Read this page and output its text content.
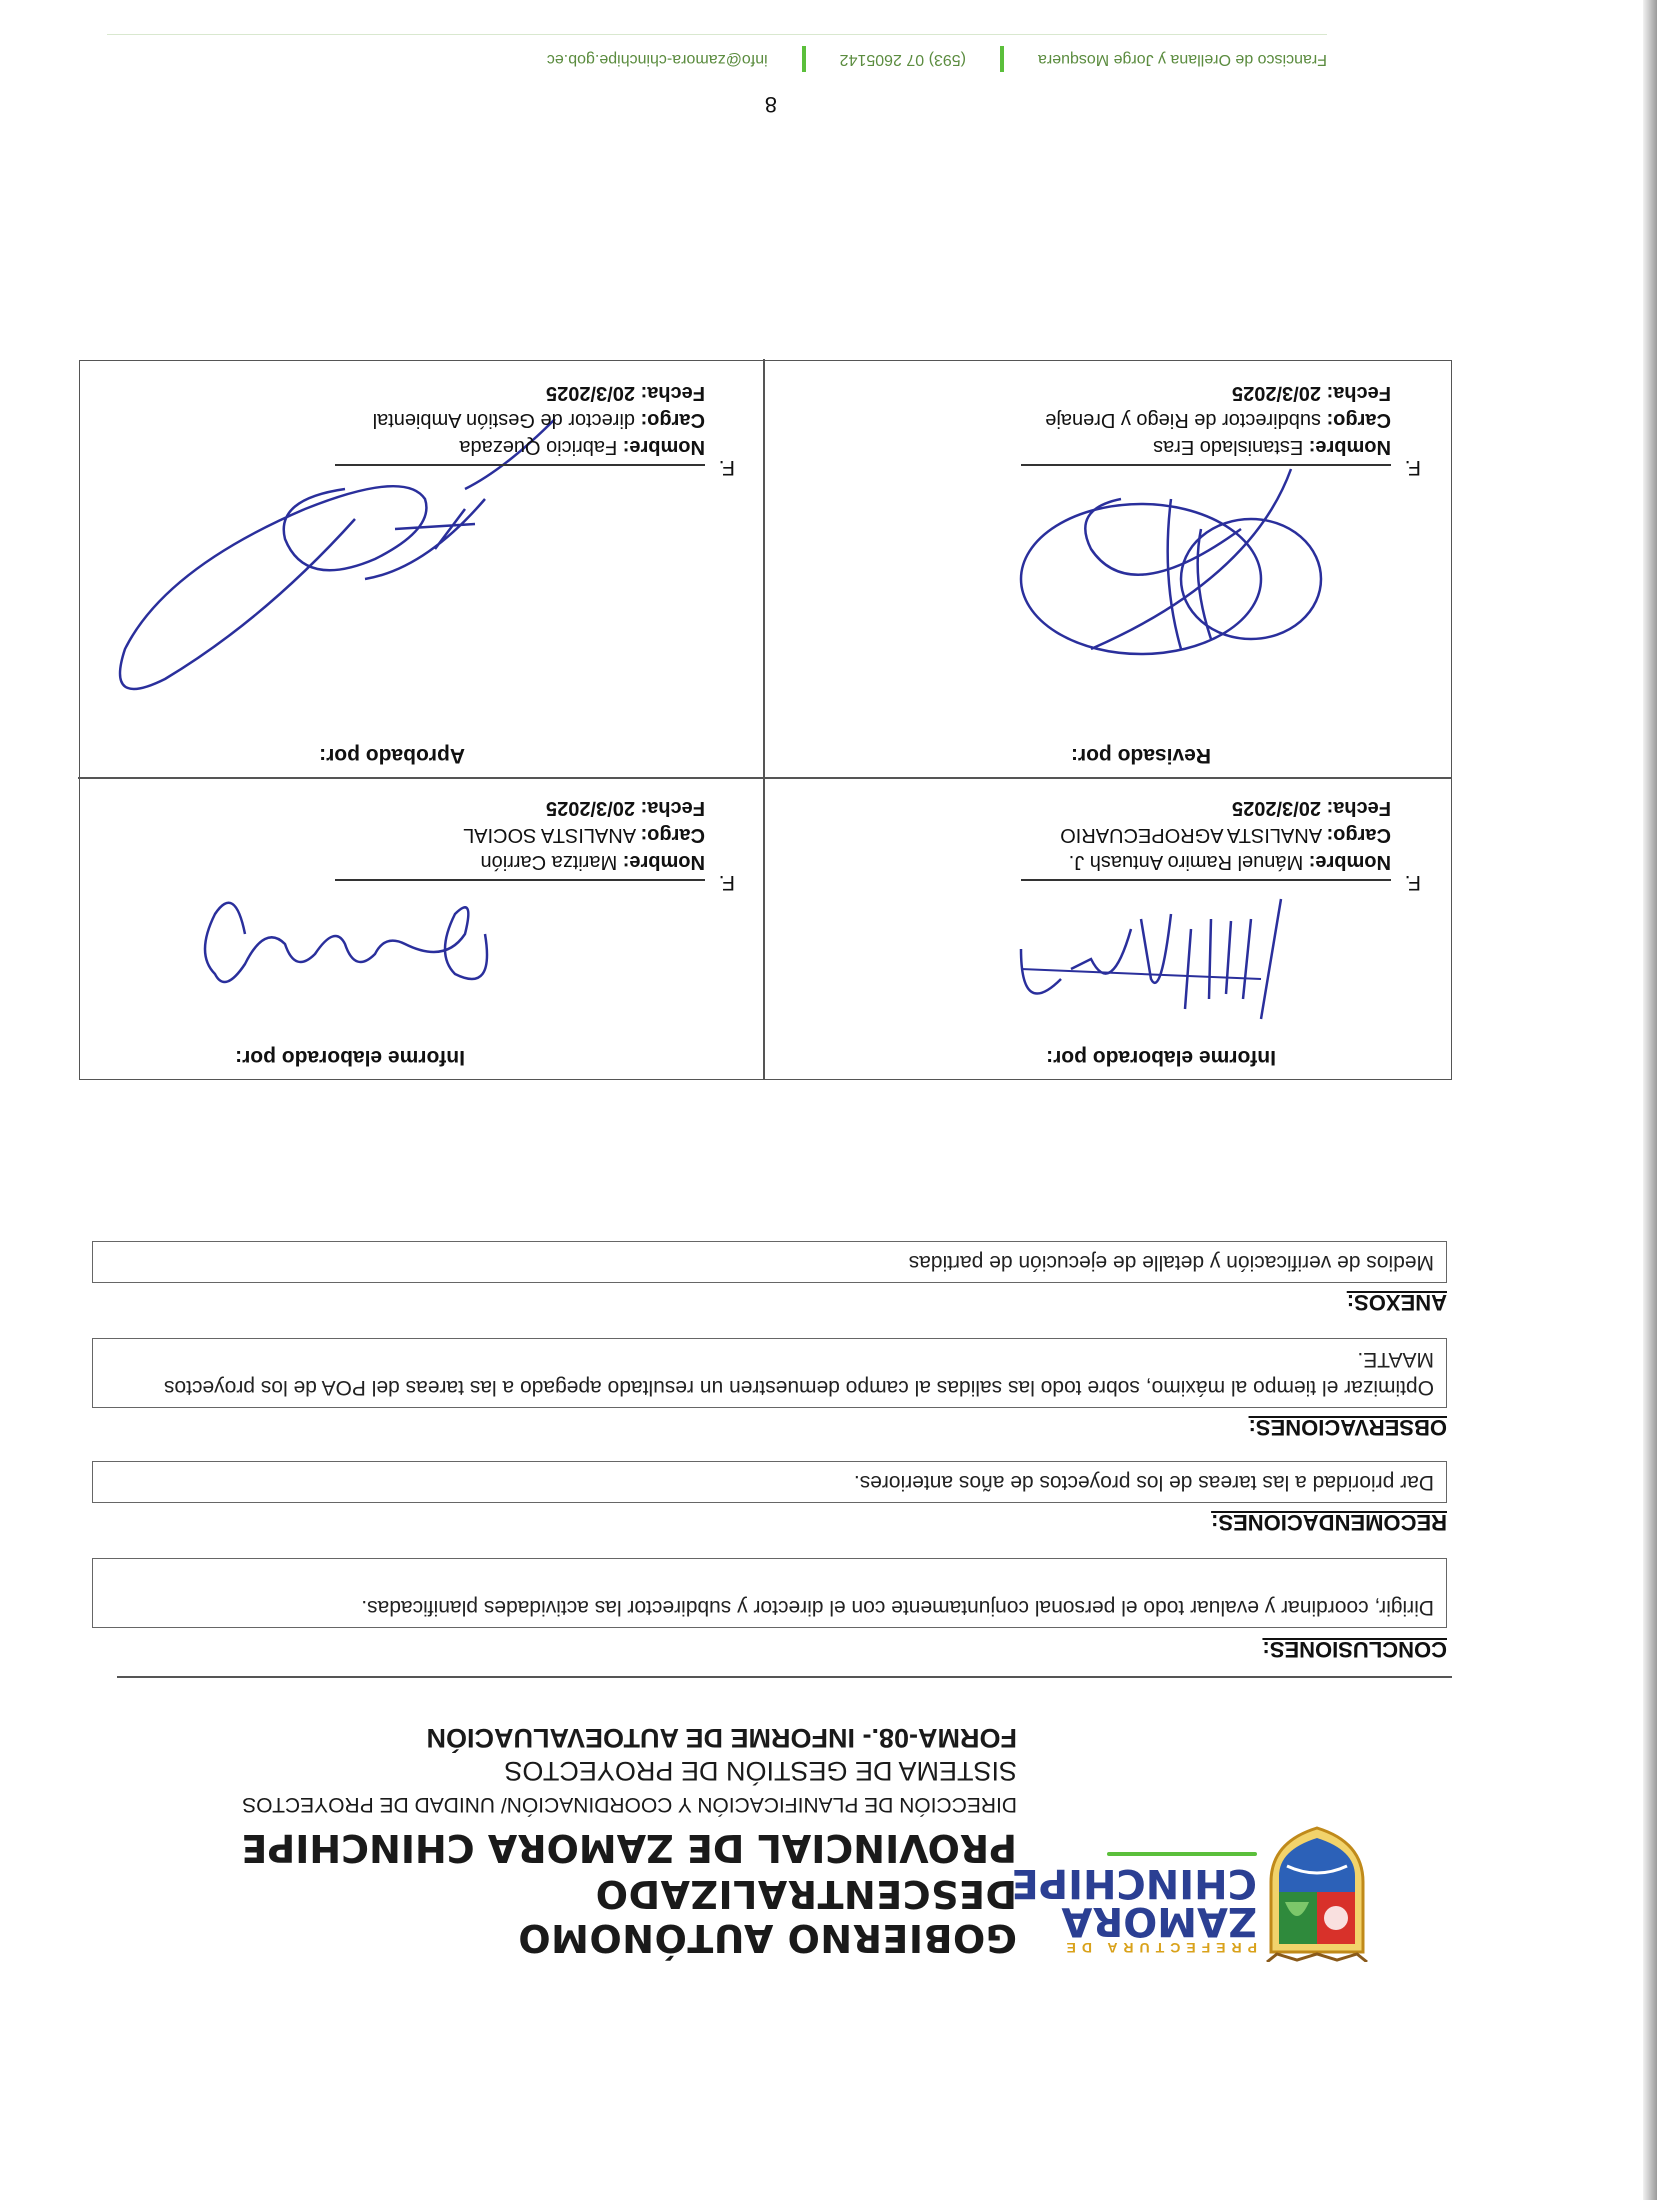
PREFECTURA DE
ZAMORA
CHINCHIPE
GOBIERNO AUTÓNOMO DESCENTRALIZADO
PROVINCIAL DE ZAMORA CHINCHIPE
DIRECCIÓN DE PLANIFICACIÓN Y COORDINACIÓN/ UNIDAD DE PROYECTOS
SISTEMA DE GESTIÓN DE PROYECTOS
FORMA-08.- INFORME DE AUTOEVALUACIÓN
CONCLUSIONES:
Dirigir, coordinar y evaluar todo el personal conjuntamente con el director y subdirector las actividades planificadas.
RECOMENDACIONES:
Dar prioridad a las tareas de los proyectos de años anteriores.
OBSERVACIONES:
Optimizar el tiempo al máximo, sobre todo las salidas al campo demuestren un resultado apegado a las tareas del POA de los proyectos MAATE.
ANEXOS:
Medios de verificación y detalle de ejecución de partidas
Informe elaborado por:
F.
Nombre: Mánuel Ramiro Antuash J.
Cargo: ANALISTA AGROPECUARIO
Fecha: 20/3/2025
Informe elaborado por:
F.
Nombre: Maritza Carrión
Cargo: ANALISTA SOCIAL
Fecha: 20/3/2025
Revisado por:
F.
Nombre: Estanislado Eras
Cargo: subdirector de Riego y Drenaje
Fecha: 20/3/2025
Aprobado por:
F.
Nombre: Fabricio Quezada
Cargo: director de Gestión Ambiental
Fecha: 20/3/2025
8
Francisco de Orellana y Jorge Mosquera
(593) 07 2605142
info@zamora-chinchipe.gob.ec
